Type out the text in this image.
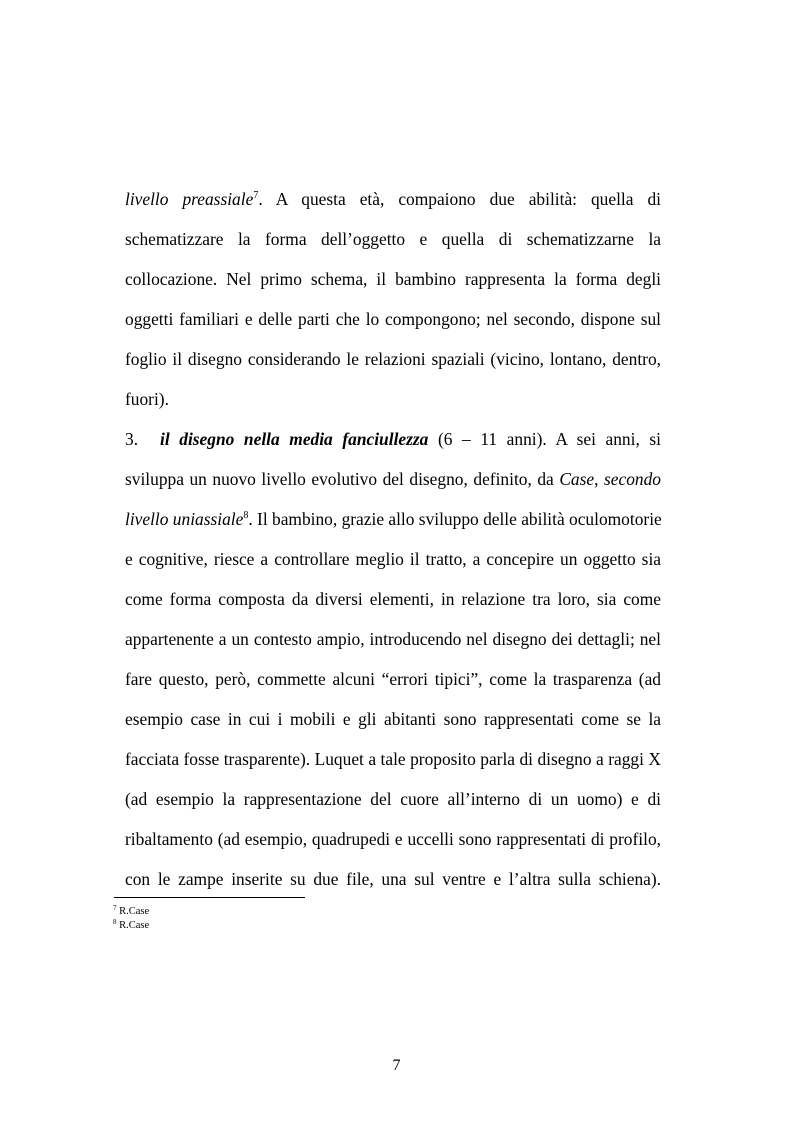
livello preassiale$^7$. A questa età, compaiono due abilità: quella di
schematizzare la forma dell’oggetto e quella di schematizzarne la
collocazione. Nel primo schema, il bambino rappresenta la forma degli
oggetti familiari e delle parti che lo compongono; nel secondo, dispone sul
foglio il disegno considerando le relazioni spaziali (vicino, lontano, dentro,
fuori).
3. il disegno nella media fanciullezza (6 – 11 anni). A sei anni, si
sviluppa un nuovo livello evolutivo del disegno, definito, da Case, secondo
livello uniassiale$^8$. Il bambino, grazie allo sviluppo delle abilità oculomotorie
e cognitive, riesce a controllare meglio il tratto, a concepire un oggetto sia
come forma composta da diversi elementi, in relazione tra loro, sia come
appartenente a un contesto ampio, introducendo nel disegno dei dettagli; nel
fare questo, però, commette alcuni “errori tipici”, come la trasparenza (ad
esempio case in cui i mobili e gli abitanti sono rappresentati come se la
facciata fosse trasparente). Luquet a tale proposito parla di disegno a raggi X
(ad esempio la rappresentazione del cuore all’interno di un uomo) e di
ribaltamento (ad esempio, quadrupedi e uccelli sono rappresentati di profilo,
con le zampe inserite su due file, una sul ventre e l’altra sulla schiena).
$^7$ R.Case
$^8$ R.Case
7
